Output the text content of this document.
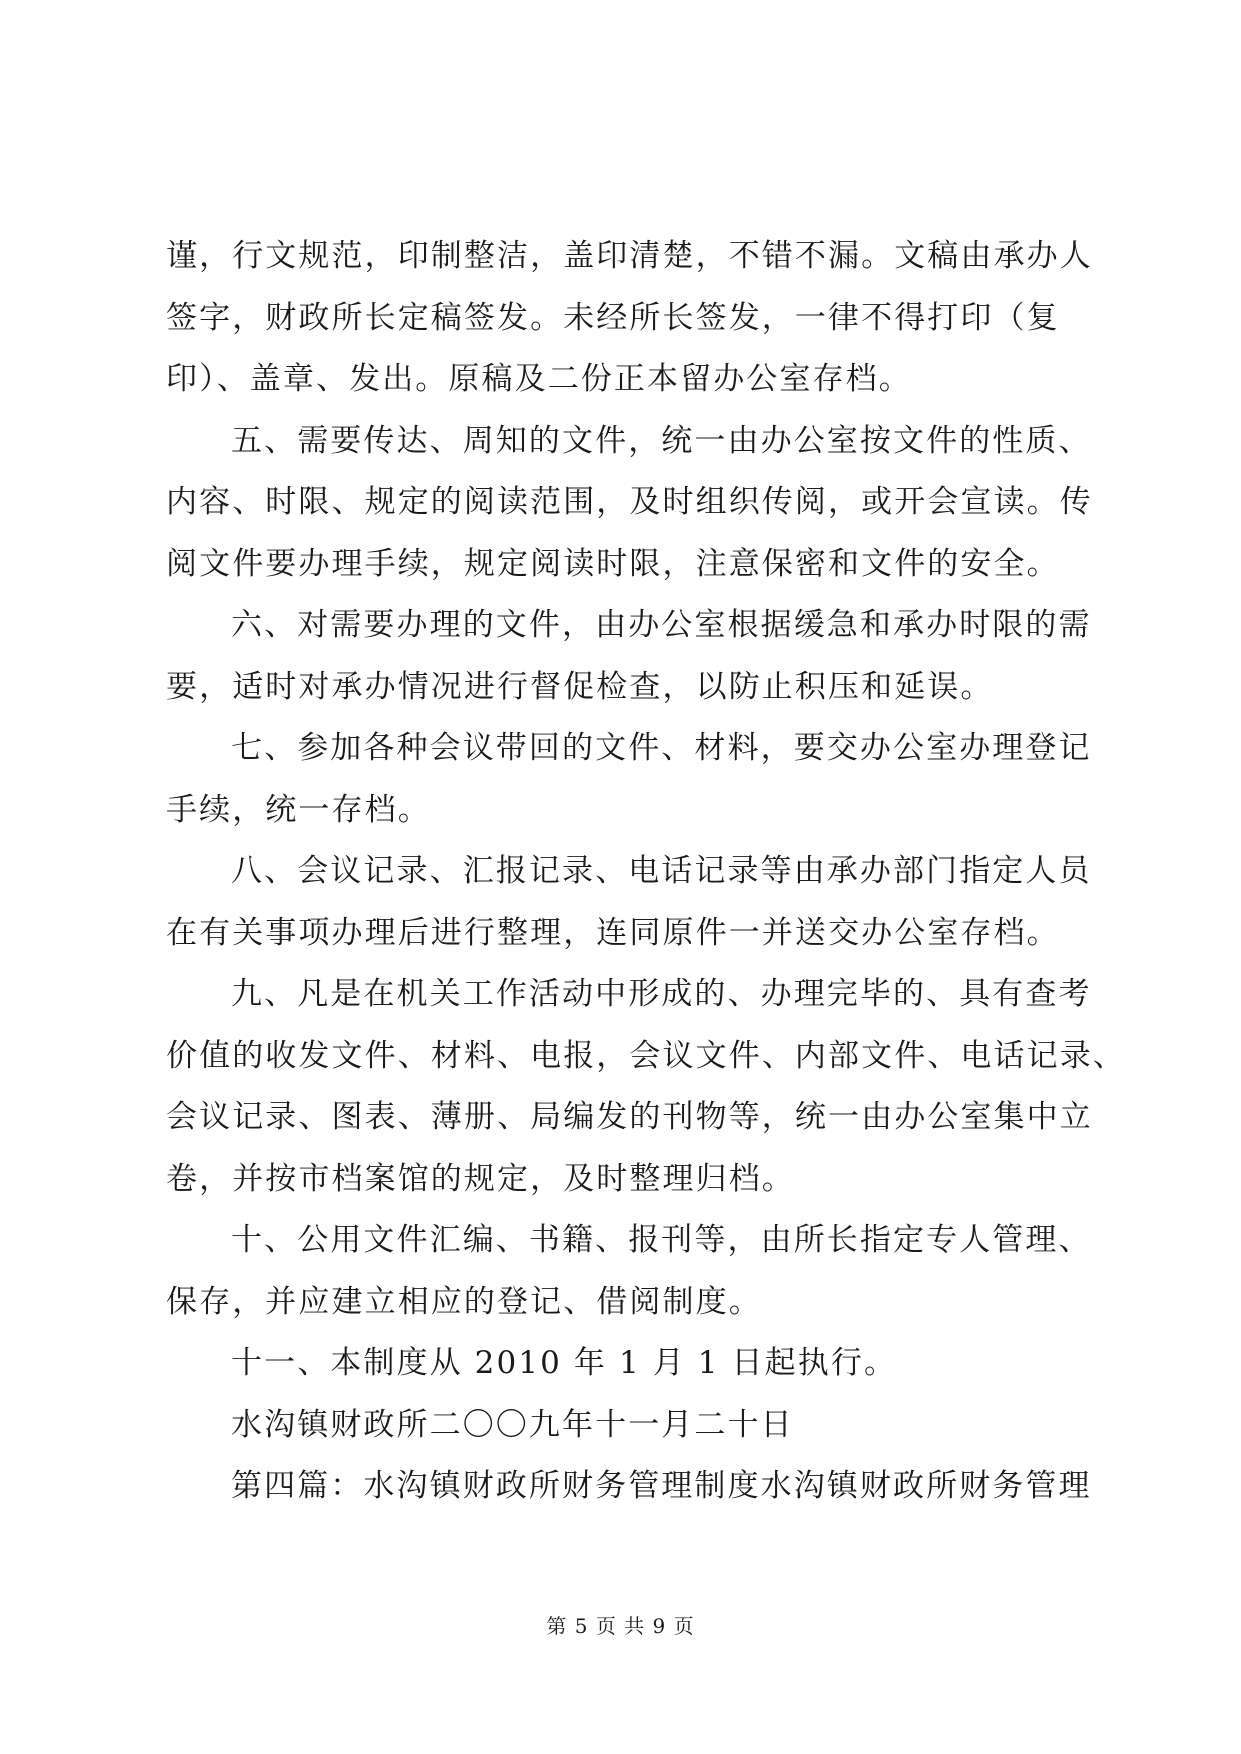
谨，行文规范，印制整洁，盖印清楚，不错不漏。文稿由承办人
签字，财政所长定稿签发。未经所长签发，一律不得打印（复
印）、盖章、发出。原稿及二份正本留办公室存档。
五、需要传达、周知的文件，统一由办公室按文件的性质、
内容、时限、规定的阅读范围，及时组织传阅，或开会宣读。传
阅文件要办理手续，规定阅读时限，注意保密和文件的安全。
六、对需要办理的文件，由办公室根据缓急和承办时限的需
要，适时对承办情况进行督促检查，以防止积压和延误。
七、参加各种会议带回的文件、材料，要交办公室办理登记
手续，统一存档。
八、会议记录、汇报记录、电话记录等由承办部门指定人员
在有关事项办理后进行整理，连同原件一并送交办公室存档。
九、凡是在机关工作活动中形成的、办理完毕的、具有查考
价值的收发文件、材料、电报，会议文件、内部文件、电话记录、
会议记录、图表、薄册、局编发的刊物等，统一由办公室集中立
卷，并按市档案馆的规定，及时整理归档。
十、公用文件汇编、书籍、报刊等，由所长指定专人管理、
保存，并应建立相应的登记、借阅制度。
十一、本制度从 2010 年 1 月 1 日起执行。
水沟镇财政所二〇〇九年十一月二十日
第四篇：水沟镇财政所财务管理制度水沟镇财政所财务管理
第 5 页 共 9 页
